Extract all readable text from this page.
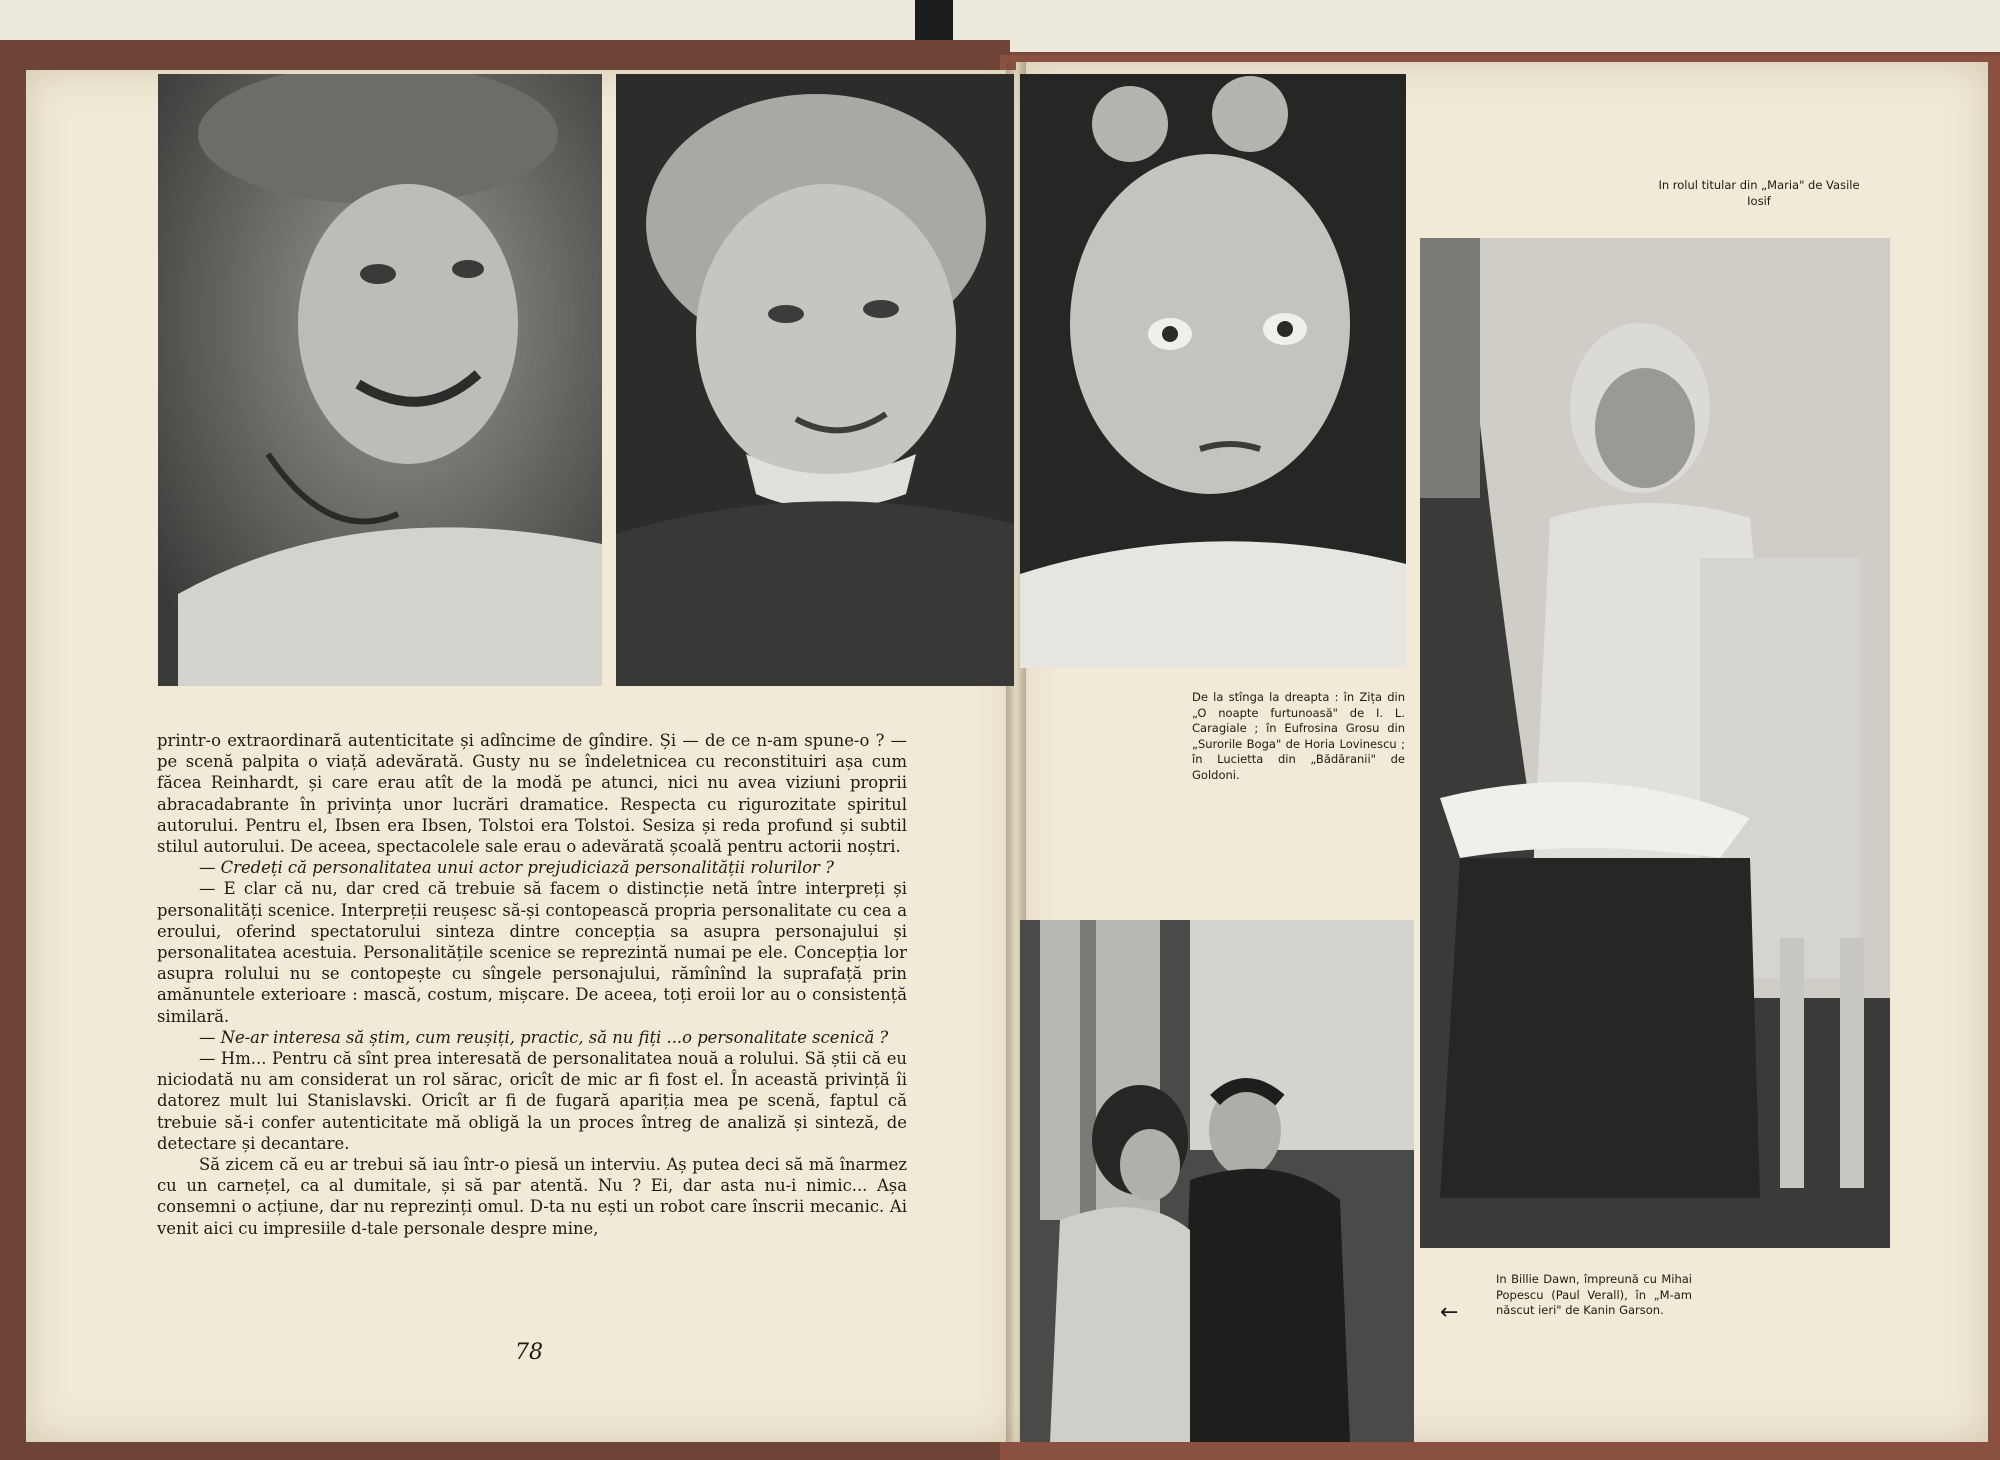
printr-o extraordinară autenticitate și adîncime de gîndire. Și — de ce n-am spune-o ? — pe scenă palpita o viață adevărată. Gusty nu se îndeletnicea cu reconstituiri așa cum făcea Reinhardt, și care erau atît de la modă pe atunci, nici nu avea viziuni proprii abracadabrante în privința unor lucrări dramatice. Respecta cu rigurozitate spiritul autorului. Pentru el, Ibsen era Ibsen, Tolstoi era Tolstoi. Sesiza și reda profund și subtil stilul autorului. De aceea, spectacolele sale erau o adevărată școală pentru actorii noștri.

— Credeți că personalitatea unui actor prejudiciază personalității rolurilor ?

— E clar că nu, dar cred că trebuie să facem o distincție netă între interpreți și personalități scenice. Interpreții reușesc să-și contopească propria personalitate cu cea a eroului, oferind spectatorului sinteza dintre concepția sa asupra personajului și personalitatea acestuia. Personalitățile scenice se reprezintă numai pe ele. Concepția lor asupra rolului nu se contopește cu sîngele personajului, rămînînd la suprafață prin amănuntele exterioare : mască, costum, mișcare. De aceea, toți eroii lor au o consistență similară.

— Ne-ar interesa să știm, cum reușiți, practic, să nu fiți ...o personalitate scenică ?

— Hm... Pentru că sînt prea interesată de personalitatea nouă a rolului. Să știi că eu niciodată nu am considerat un rol sărac, oricît de mic ar fi fost el. În această privință îi datorez mult lui Stanislavski. Oricît ar fi de fugară apariția mea pe scenă, faptul că trebuie să-i confer autenticitate mă obligă la un proces întreg de analiză și sinteză, de detectare și decantare.

Să zicem că eu ar trebui să iau într-o piesă un interviu. Aș putea deci să mă înarmez cu un carnețel, ca al dumitale, și să par atentă. Nu ? Ei, dar asta nu-i nimic... Așa consemni o acțiune, dar nu reprezinți omul. D-ta nu ești un robot care înscrii mecanic. Ai venit aici cu impresiile d-tale personale despre mine,

78
In rolul titular din „Maria" de Vasile Iosif
De la stînga la dreapta : în Zița din „O noapte furtunoasă" de I. L. Caragiale ; în Eufrosina Grosu din „Surorile Boga" de Horia Lovinescu ; în Lucietta din „Bădăranii" de Goldoni.
In Billie Dawn, împreună cu Mihai Popescu (Paul Verall), în „M-am născut ieri" de Kanin Garson.
←
